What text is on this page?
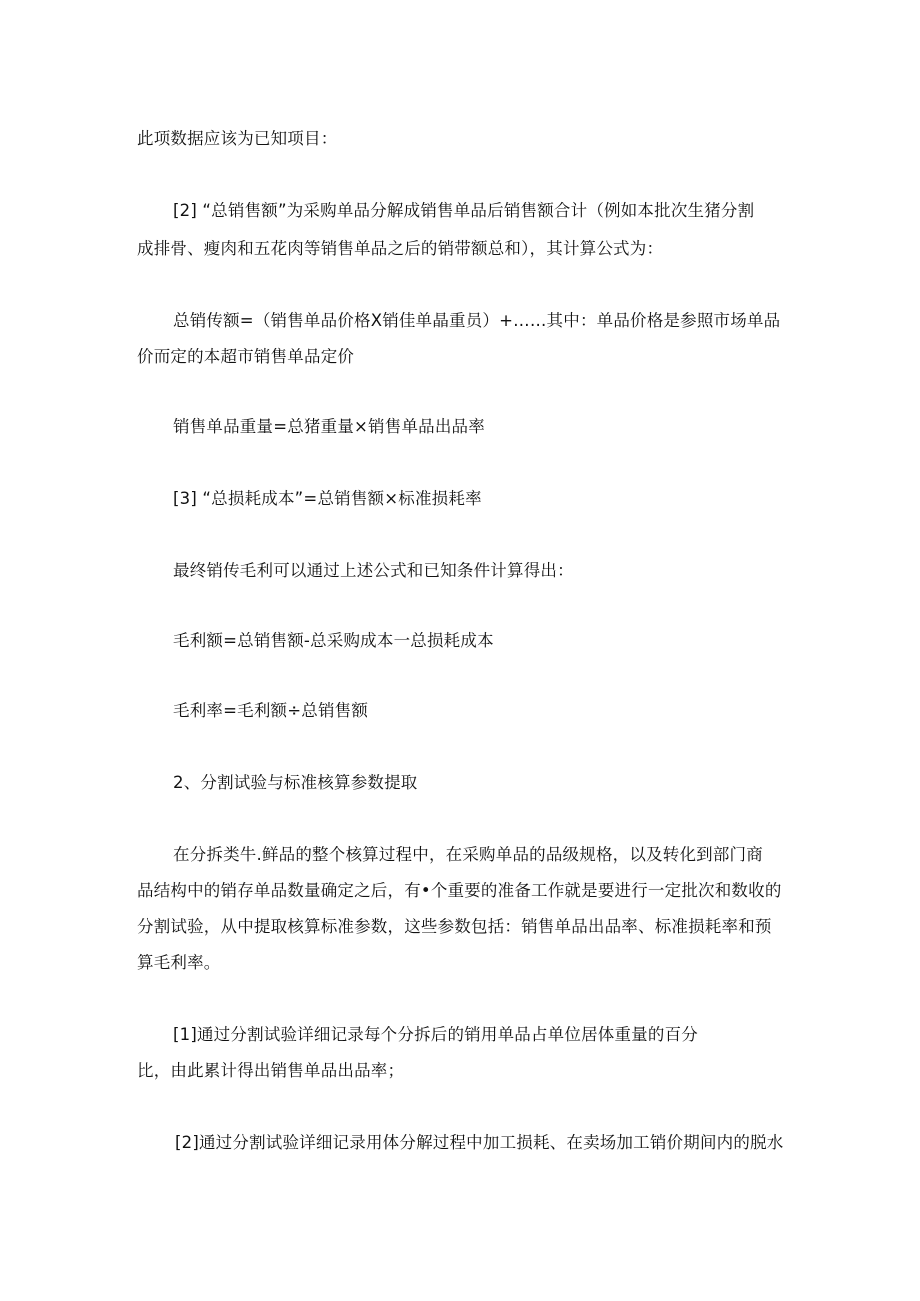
此项数据应该为已知项目：
[2] “总销售额”为采购单品分解成销售单品后销售额合计（例如本批次生猪分割
成排骨、瘦肉和五花肉等销售单品之后的销带额总和），其计算公式为：
总销传额=（销售单品价格X销佳单晶重员）+……其中：单品价格是参照市场单品
价而定的本超市销售单品定价
销售单品重量=总猪重量×销售单品出品率
[3] “总损耗成本”=总销售额×标准损耗率
最终销传毛利可以通过上述公式和已知条件计算得出：
毛利额=总销售额-总采购成本一总损耗成本
毛利率=毛利额÷总销售额
2、分割试验与标准核算参数提取
在分拆类牛.鲜品的整个核算过程中，在采购单品的品级规格，以及转化到部门商
品结构中的销存单品数量确定之后，有•个重要的准备工作就是要进行一定批次和数收的
分割试验，从中提取核算标准参数，这些参数包括：销售单品出品率、标准损耗率和预
算毛利率。
[1]通过分割试验详细记录每个分拆后的销用单品占单位居体重量的百分
比，由此累计得出销售单品出品率；
[2]通过分割试验详细记录用体分解过程中加工损耗、在卖场加工销价期间内的脱水
